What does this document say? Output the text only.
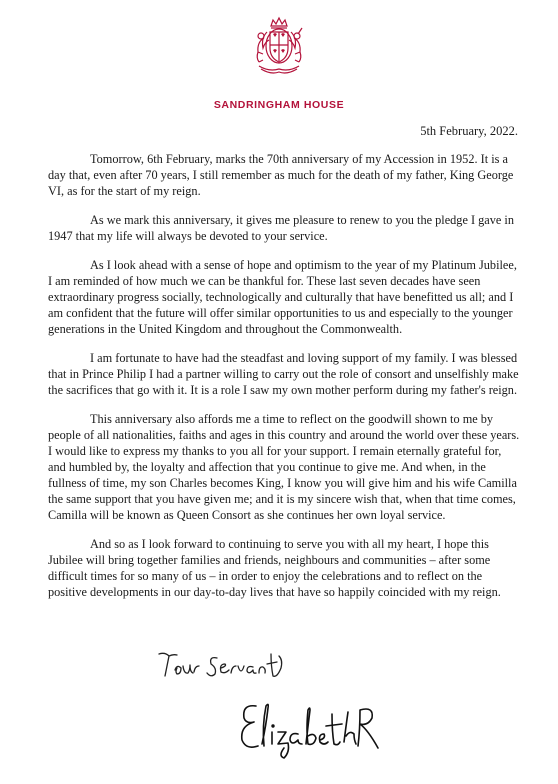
SANDRINGHAM HOUSE
5th February, 2022.

Tomorrow, 6th February, marks the 70th anniversary of my Accession in 1952. It is a day that, even after 70 years, I still remember as much for the death of my father, King George VI, as for the start of my reign.

As we mark this anniversary, it gives me pleasure to renew to you the pledge I gave in 1947 that my life will always be devoted to your service.

As I look ahead with a sense of hope and optimism to the year of my Platinum Jubilee, I am reminded of how much we can be thankful for. These last seven decades have seen extraordinary progress socially, technologically and culturally that have benefitted us all; and I am confident that the future will offer similar opportunities to us and especially to the younger generations in the United Kingdom and throughout the Commonwealth.

I am fortunate to have had the steadfast and loving support of my family. I was blessed that in Prince Philip I had a partner willing to carry out the role of consort and unselfishly make the sacrifices that go with it. It is a role I saw my own mother perform during my father's reign.

This anniversary also affords me a time to reflect on the goodwill shown to me by people of all nationalities, faiths and ages in this country and around the world over these years. I would like to express my thanks to you all for your support. I remain eternally grateful for, and humbled by, the loyalty and affection that you continue to give me. And when, in the fullness of time, my son Charles becomes King, I know you will give him and his wife Camilla the same support that you have given me; and it is my sincere wish that, when that time comes, Camilla will be known as Queen Consort as she continues her own loyal service.

And so as I look forward to continuing to serve you with all my heart, I hope this Jubilee will bring together families and friends, neighbours and communities – after some difficult times for so many of us – in order to enjoy the celebrations and to reflect on the positive developments in our day-to-day lives that have so happily coincided with my reign.
